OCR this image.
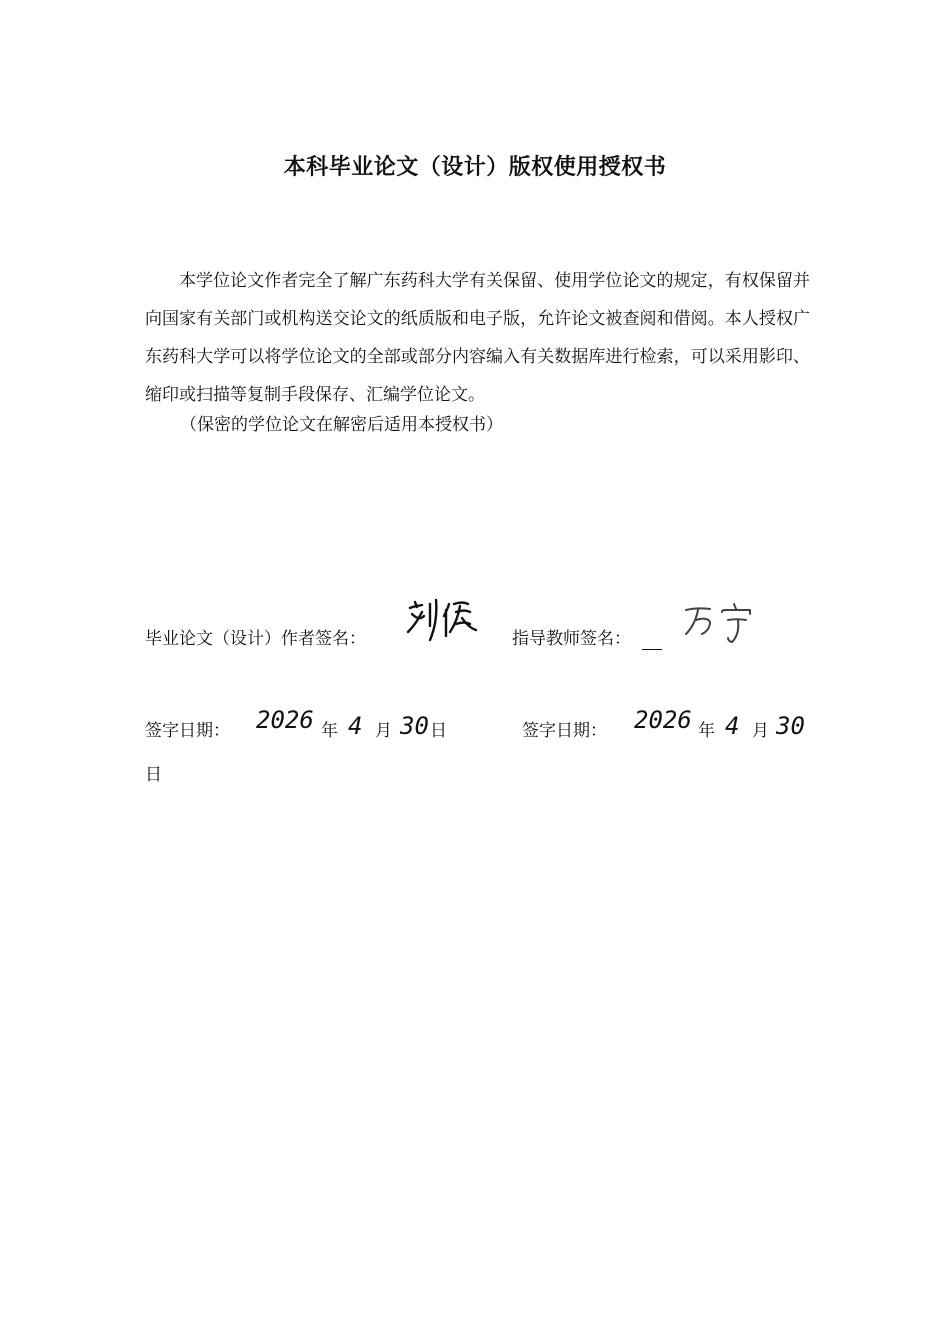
本科毕业论文（设计）版权使用授权书

本学位论文作者完全了解广东药科大学有关保留、使用学位论文的规定，有权保留并向国家有关部门或机构送交论文的纸质版和电子版，允许论文被查阅和借阅。本人授权广东药科大学可以将学位论文的全部或部分内容编入有关数据库进行检索，可以采用影印、缩印或扫描等复制手段保存、汇编学位论文。

（保密的学位论文在解密后适用本授权书）
毕业论文（设计）作者签名：	指导教师签名：
签字日期： 2026 年 4 月 30 日	签字日期： 2026 年 4 月 30
日
